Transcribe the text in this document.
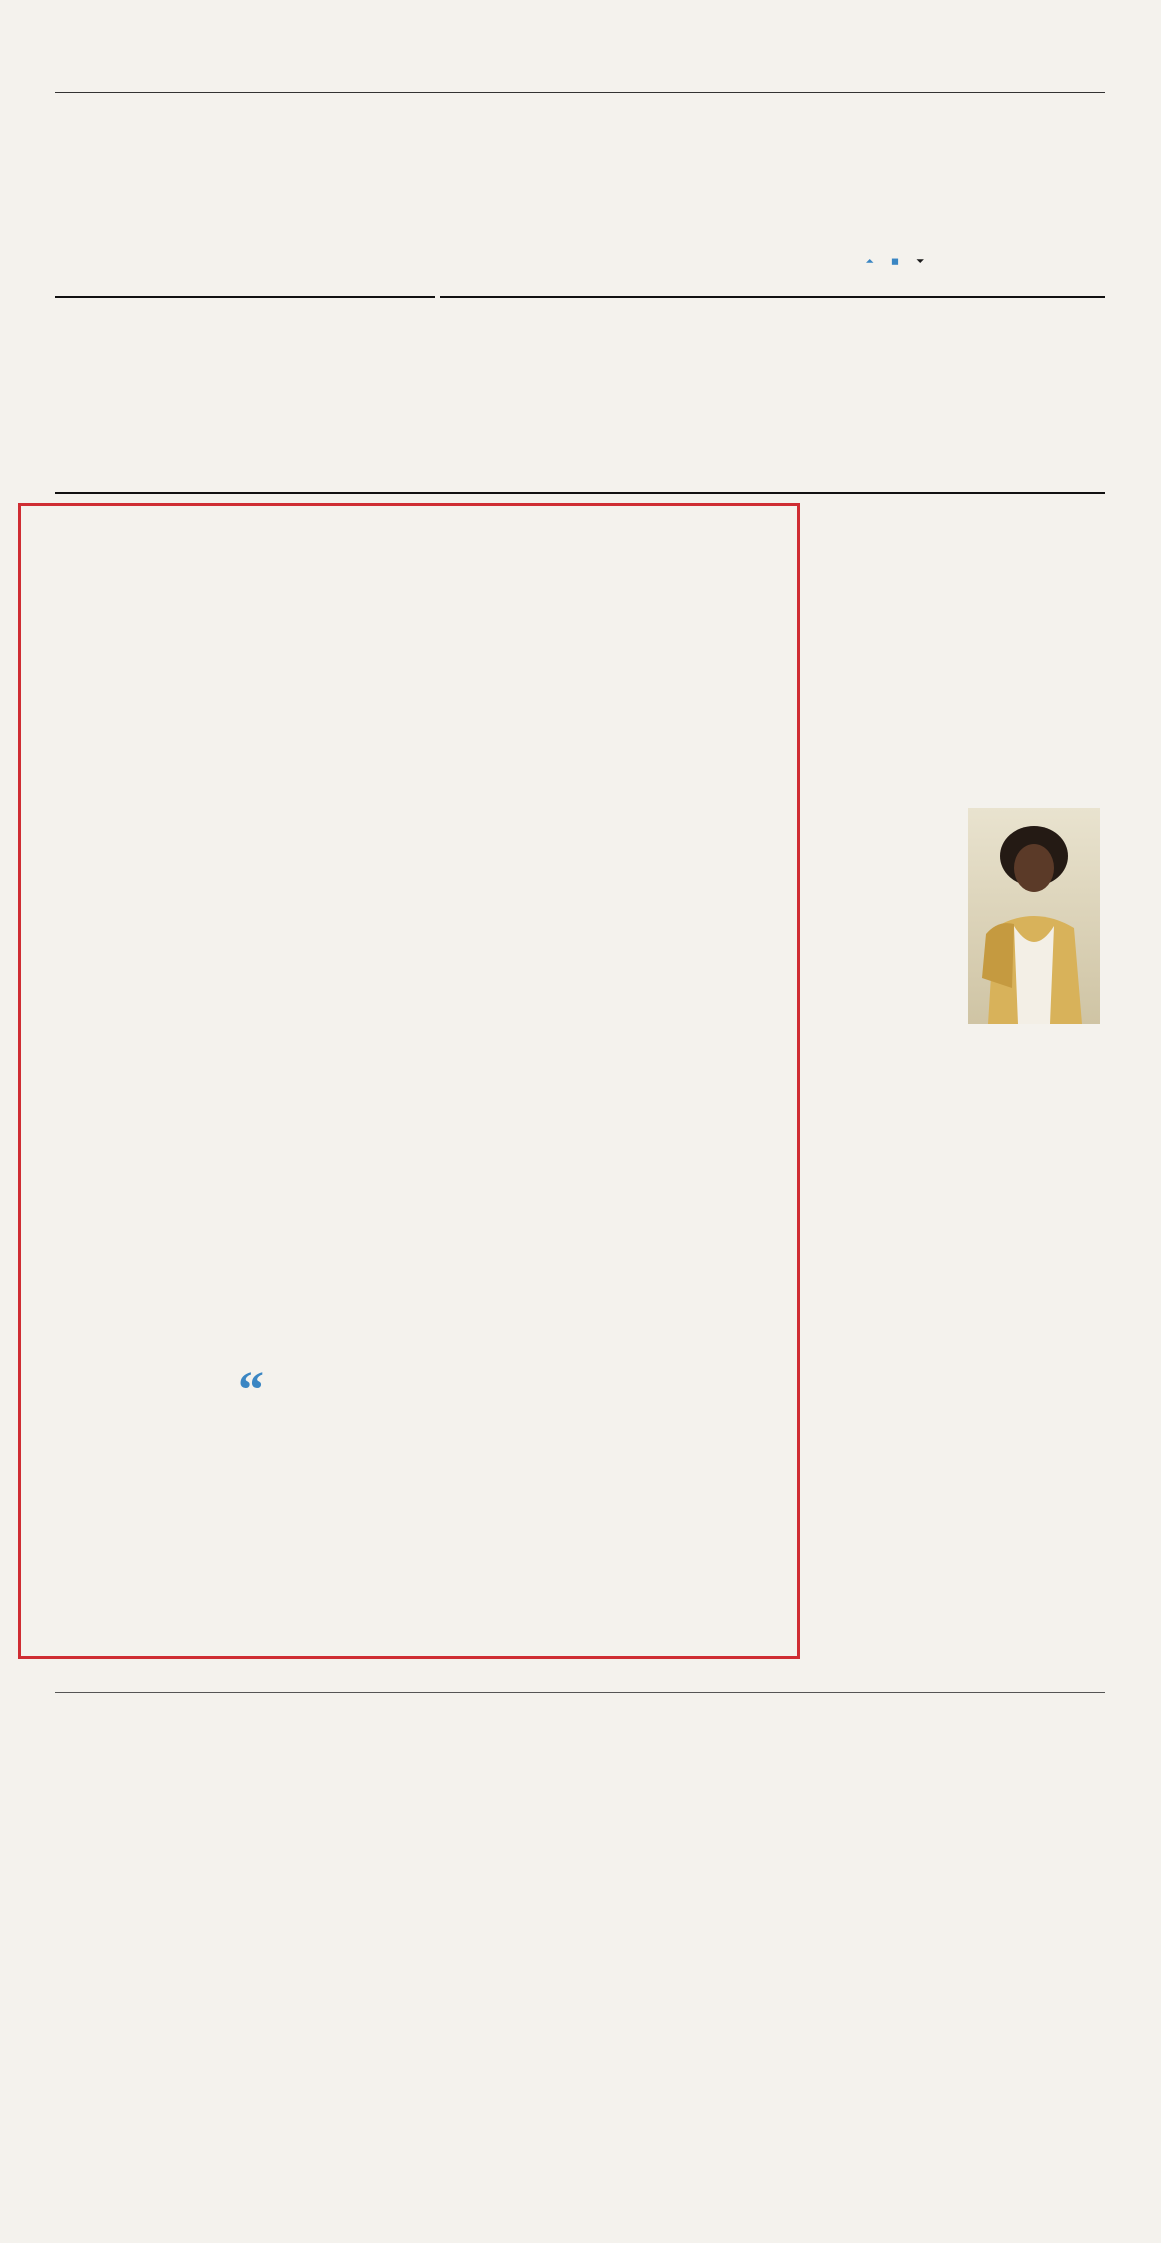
⏶ ◼ ⏷
“
